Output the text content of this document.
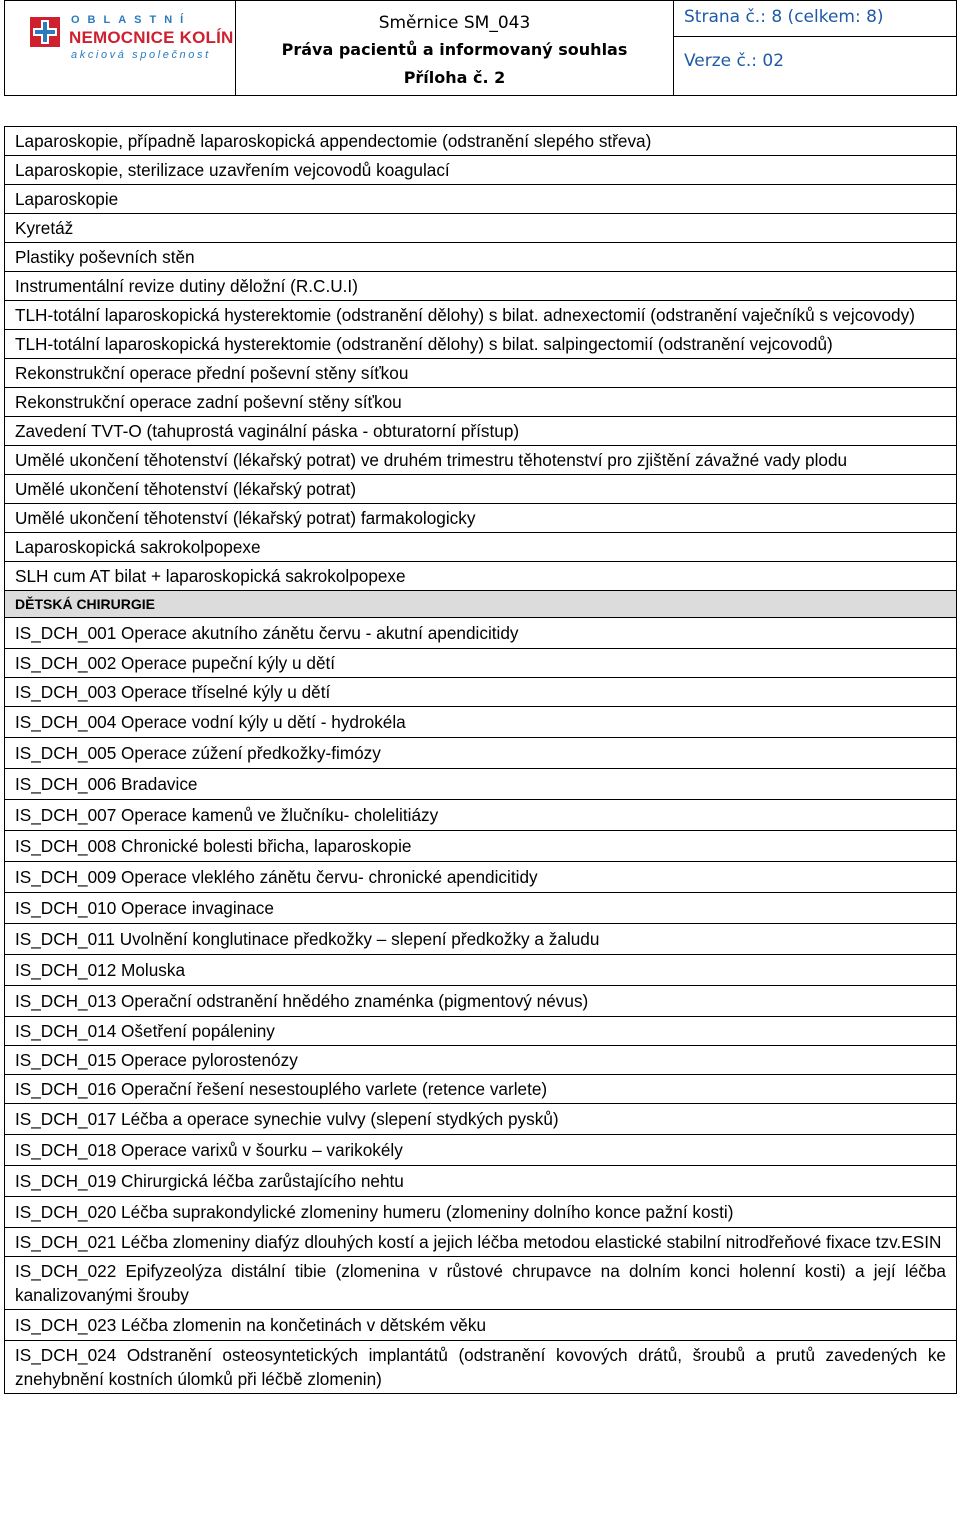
OBLASTNÍ
NEMOCNICE KOLÍN
akciová společnost
Směrnice SM_043
Práva pacientů a informovaný souhlas
Příloha č. 2
Strana č.: 8 (celkem: 8)
Verze č.: 02
Laparoskopie, případně laparoskopická appendectomie (odstranění slepého střeva)
Laparoskopie, sterilizace uzavřením vejcovodů koagulací
Laparoskopie
Kyretáž
Plastiky poševních stěn
Instrumentální revize dutiny děložní (R.C.U.I)
TLH-totální laparoskopická hysterektomie (odstranění dělohy) s bilat. adnexectomií (odstranění vaječníků s vejcovody)
TLH-totální laparoskopická hysterektomie (odstranění dělohy) s bilat. salpingectomií (odstranění vejcovodů)
Rekonstrukční operace přední poševní stěny síťkou
Rekonstrukční operace zadní poševní stěny síťkou
Zavedení TVT-O (tahuprostá vaginální páska - obturatorní přístup)
Umělé ukončení těhotenství (lékařský potrat) ve druhém trimestru těhotenství pro zjištění závažné vady plodu
Umělé ukončení těhotenství (lékařský potrat)
Umělé ukončení těhotenství (lékařský potrat) farmakologicky
Laparoskopická sakrokolpopexe
SLH cum AT bilat + laparoskopická sakrokolpopexe
DĚTSKÁ CHIRURGIE
IS_DCH_001 Operace akutního zánětu červu - akutní apendicitidy
IS_DCH_002 Operace pupeční kýly u dětí
IS_DCH_003 Operace tříselné kýly u dětí
IS_DCH_004 Operace vodní kýly u dětí - hydrokéla
IS_DCH_005 Operace zúžení předkožky-fimózy
IS_DCH_006 Bradavice
IS_DCH_007 Operace kamenů ve žlučníku- cholelitiázy
IS_DCH_008 Chronické bolesti břicha, laparoskopie
IS_DCH_009 Operace vleklého zánětu červu- chronické apendicitidy
IS_DCH_010 Operace invaginace
IS_DCH_011 Uvolnění konglutinace předkožky – slepení předkožky a žaludu
IS_DCH_012 Moluska
IS_DCH_013 Operační odstranění hnědého znaménka (pigmentový névus)
IS_DCH_014 Ošetření popáleniny
IS_DCH_015 Operace pylorostenózy
IS_DCH_016 Operační řešení nesestouplého varlete (retence varlete)
IS_DCH_017 Léčba a operace synechie vulvy (slepení stydkých pysků)
IS_DCH_018 Operace varixů v šourku – varikokély
IS_DCH_019 Chirurgická léčba zarůstajícího nehtu
IS_DCH_020 Léčba suprakondylické zlomeniny humeru (zlomeniny dolního konce pažní kosti)
IS_DCH_021 Léčba zlomeniny diafýz dlouhých kostí a jejich léčba metodou elastické stabilní nitrodřeňové fixace tzv.ESIN
IS_DCH_022 Epifyzeolýza distální tibie (zlomenina v růstové chrupavce na dolním konci holenní kosti) a její léčba kanalizovanými šrouby
IS_DCH_023 Léčba zlomenin na končetinách v dětském věku
IS_DCH_024 Odstranění osteosyntetických implantátů (odstranění kovových drátů, šroubů a prutů zavedených ke znehybnění kostních úlomků při léčbě zlomenin)
